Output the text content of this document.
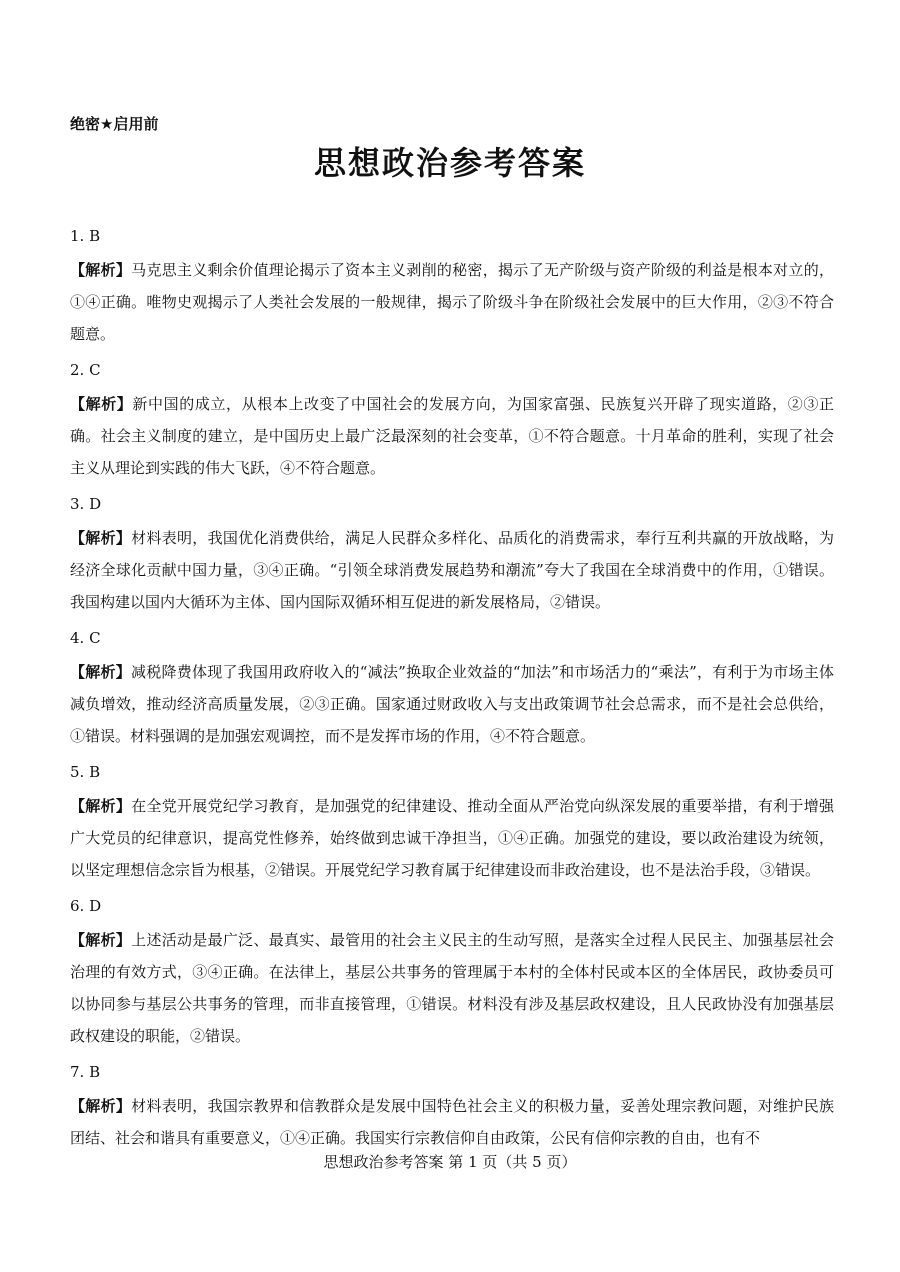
绝密★启用前
思想政治参考答案
1. B
【解析】马克思主义剩余价值理论揭示了资本主义剥削的秘密，揭示了无产阶级与资产阶级的利益是根本对立的，①④正确。唯物史观揭示了人类社会发展的一般规律，揭示了阶级斗争在阶级社会发展中的巨大作用，②③不符合题意。
2. C
【解析】新中国的成立，从根本上改变了中国社会的发展方向，为国家富强、民族复兴开辟了现实道路，②③正确。社会主义制度的建立，是中国历史上最广泛最深刻的社会变革，①不符合题意。十月革命的胜利，实现了社会主义从理论到实践的伟大飞跃，④不符合题意。
3. D
【解析】材料表明，我国优化消费供给，满足人民群众多样化、品质化的消费需求，奉行互利共赢的开放战略，为经济全球化贡献中国力量，③④正确。“引领全球消费发展趋势和潮流”夸大了我国在全球消费中的作用，①错误。我国构建以国内大循环为主体、国内国际双循环相互促进的新发展格局，②错误。
4. C
【解析】减税降费体现了我国用政府收入的“减法”换取企业效益的“加法”和市场活力的“乘法”，有利于为市场主体减负增效，推动经济高质量发展，②③正确。国家通过财政收入与支出政策调节社会总需求，而不是社会总供给，①错误。材料强调的是加强宏观调控，而不是发挥市场的作用，④不符合题意。
5. B
【解析】在全党开展党纪学习教育，是加强党的纪律建设、推动全面从严治党向纵深发展的重要举措，有利于增强广大党员的纪律意识，提高党性修养，始终做到忠诚干净担当，①④正确。加强党的建设，要以政治建设为统领，以坚定理想信念宗旨为根基，②错误。开展党纪学习教育属于纪律建设而非政治建设，也不是法治手段，③错误。
6. D
【解析】上述活动是最广泛、最真实、最管用的社会主义民主的生动写照，是落实全过程人民民主、加强基层社会治理的有效方式，③④正确。在法律上，基层公共事务的管理属于本村的全体村民或本区的全体居民，政协委员可以协同参与基层公共事务的管理，而非直接管理，①错误。材料没有涉及基层政权建设，且人民政协没有加强基层政权建设的职能，②错误。
7. B
【解析】材料表明，我国宗教界和信教群众是发展中国特色社会主义的积极力量，妥善处理宗教问题，对维护民族团结、社会和谐具有重要意义，①④正确。我国实行宗教信仰自由政策，公民有信仰宗教的自由，也有不
思想政治参考答案 第 1 页（共 5 页）
